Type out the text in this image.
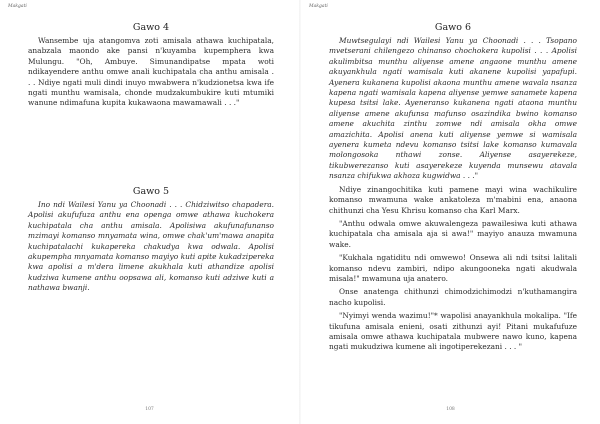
Makgati
Gawo 4

Wansembe uja atangomva zoti amisala athawa kuchipatala, anabzala maondo ake pansi n'kuyamba kupemphera kwa Mulungu. "Oh, Ambuye. Simunandipatse mpata woti ndikayendere anthu omwe anali kuchipatala cha anthu amisala . . . Ndiye ngati muli dindi inuyo mwabwera n'kudzionetsa kwa ife ngati munthu wamisala, chonde mudzakumbukire kuti mtumiki wanune ndimafuna kupita kukawaona mawamawali . . ."

Gawo 5

Ino ndi Wailesi Yanu ya Choonadi . . . Chidziwitso chapadera. Apolisi akufufuza anthu ena openga omwe athawa kuchokera kuchipatala cha anthu amisala. Apolisiwa akufunafunanso mzimayi komanso mnyamata wina, omwe chak'um'mawa anapita kuchipatalachi kukapereka chakudya kwa odwala. Apolisi akupempha mnyamata komanso mayiyo kuti apite kukadzipereka kwa apolisi a m'dera limene akukhala kuti athandize apolisi kudziwa kumene anthu oopsawa ali, komanso kuti adziwe kuti a nathawa bwanji.

107
Makgati
Gawo 6

Muwtsegulayi ndi Wailesi Yanu ya Choonadi . . . Tsopano mvetserani chilengezo chinanso chochokera kupolisi . . . Apolisi akulimbitsa munthu aliyense amene angaone munthu amene akuyankhula ngati wamisala kuti akanene kupolisi yapafupi. Ayenera kukanena kupolisi akaona munthu amene wavala nsanza kapena ngati wamisala kapena aliyense yemwe sanamete kapena kupesa tsitsi lake. Ayeneranso kukanena ngati ataona munthu aliyense amene akufunsa mafunso osazindika bwino komanso amene akuchita zinthu zomwe ndi amisala okha omwe amazichita. Apolisi anena kuti aliyense yemwe si wamisala ayenera kumeta ndevu komanso tsitsi lake komanso kumavala molongosoka nthawi zonse. Aliyense asayerekeze, tikubwerezanso kuti asayerekeze kuyenda munsewu atavala nsanza chifukwa akhoza kugwidwa . . ."

Ndiye zinangochitika kuti pamene mayi wina wachikulire komanso mwamuna wake ankatoleza m'mabini ena, anaona chithunzi cha Yesu Khrisu komanso cha Karl Marx.

"Anthu odwala omwe akuwalengeza pawailesiwa kuti athawa kuchipatala cha amisala aja si awa!" mayiyo anauza mwamuna wake.

"Kukhala ngatiditu ndi omwewo! Onsewa ali ndi tsitsi lalitali komanso ndevu zambiri, ndipo akungooneka ngati akudwala misala!" mwamuna uja anatero.

Onse anatenga chithunzi chimodzichimodzi n'kuthamangira nacho kupolisi.

"Nyimyi wenda wazimu!"* wapolisi anayankhula mokalipa. "Ife tikufuna amisala enieni, osati zithunzi ayi! Pitani mukafufuze amisala omwe athawa kuchipatala mubwere nawo kuno, kapena ngati mukudziwa kumene ali ingotiperekezani . . . "

108
